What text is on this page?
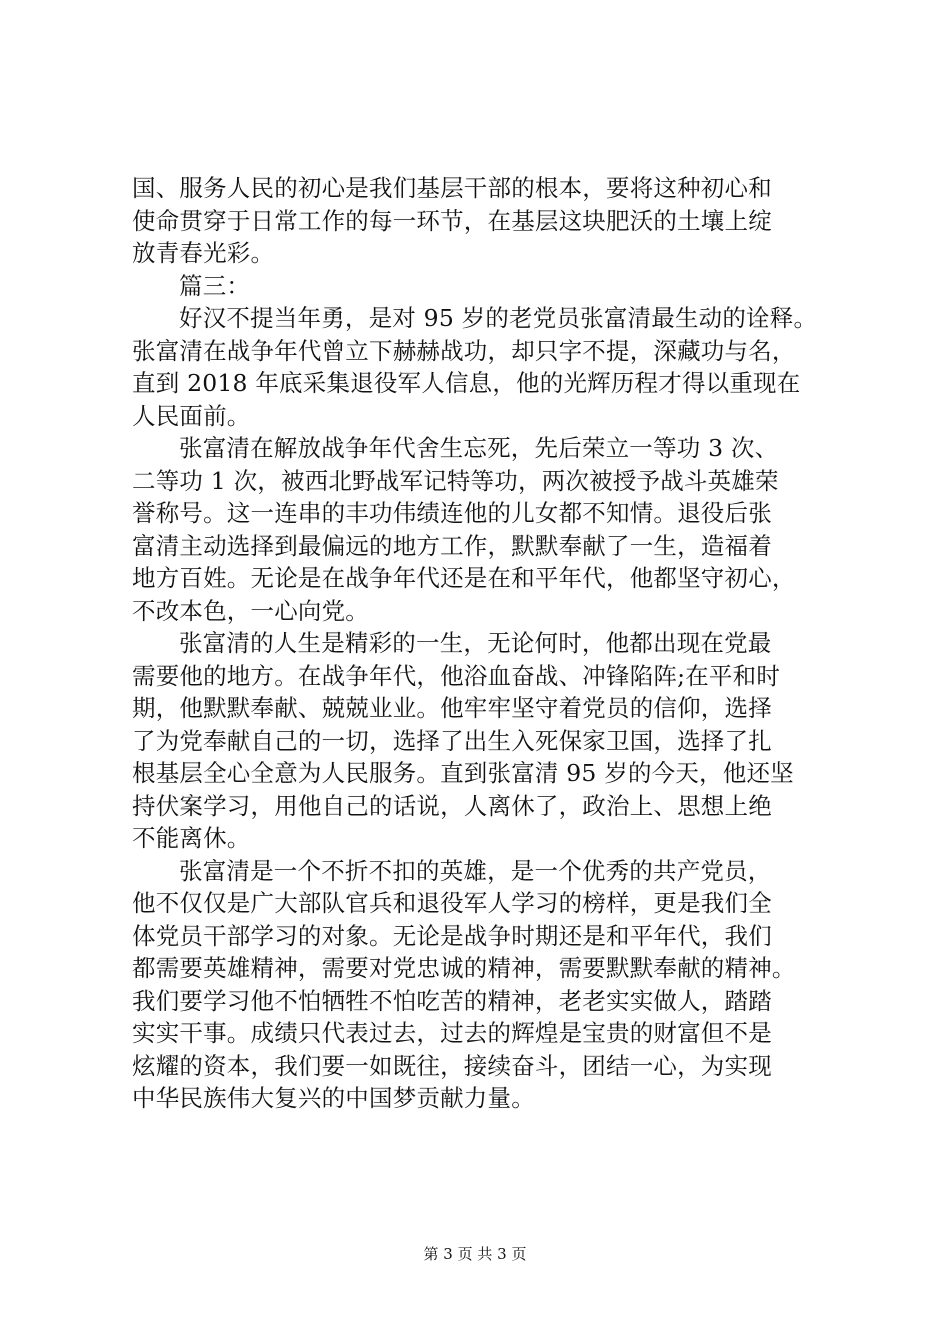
国、服务人民的初心是我们基层干部的根本，要将这种初心和

使命贯穿于日常工作的每一环节，在基层这块肥沃的土壤上绽

放青春光彩。

篇三：

好汉不提当年勇，是对 95 岁的老党员张富清最生动的诠释。

张富清在战争年代曾立下赫赫战功，却只字不提，深藏功与名，

直到 2018 年底采集退役军人信息，他的光辉历程才得以重现在

人民面前。

张富清在解放战争年代舍生忘死，先后荣立一等功 3 次、

二等功 1 次，被西北野战军记特等功，两次被授予战斗英雄荣

誉称号。这一连串的丰功伟绩连他的儿女都不知情。退役后张

富清主动选择到最偏远的地方工作，默默奉献了一生，造福着

地方百姓。无论是在战争年代还是在和平年代，他都坚守初心，

不改本色，一心向党。

张富清的人生是精彩的一生，无论何时，他都出现在党最

需要他的地方。在战争年代，他浴血奋战、冲锋陷阵;在平和时

期，他默默奉献、兢兢业业。他牢牢坚守着党员的信仰，选择

了为党奉献自己的一切，选择了出生入死保家卫国，选择了扎

根基层全心全意为人民服务。直到张富清 95 岁的今天，他还坚

持伏案学习，用他自己的话说，人离休了，政治上、思想上绝

不能离休。

张富清是一个不折不扣的英雄，是一个优秀的共产党员，

他不仅仅是广大部队官兵和退役军人学习的榜样，更是我们全

体党员干部学习的对象。无论是战争时期还是和平年代，我们

都需要英雄精神，需要对党忠诚的精神，需要默默奉献的精神。

我们要学习他不怕牺牲不怕吃苦的精神，老老实实做人，踏踏

实实干事。成绩只代表过去，过去的辉煌是宝贵的财富但不是

炫耀的资本，我们要一如既往，接续奋斗，团结一心，为实现

中华民族伟大复兴的中国梦贡献力量。

第 3 页 共 3 页
